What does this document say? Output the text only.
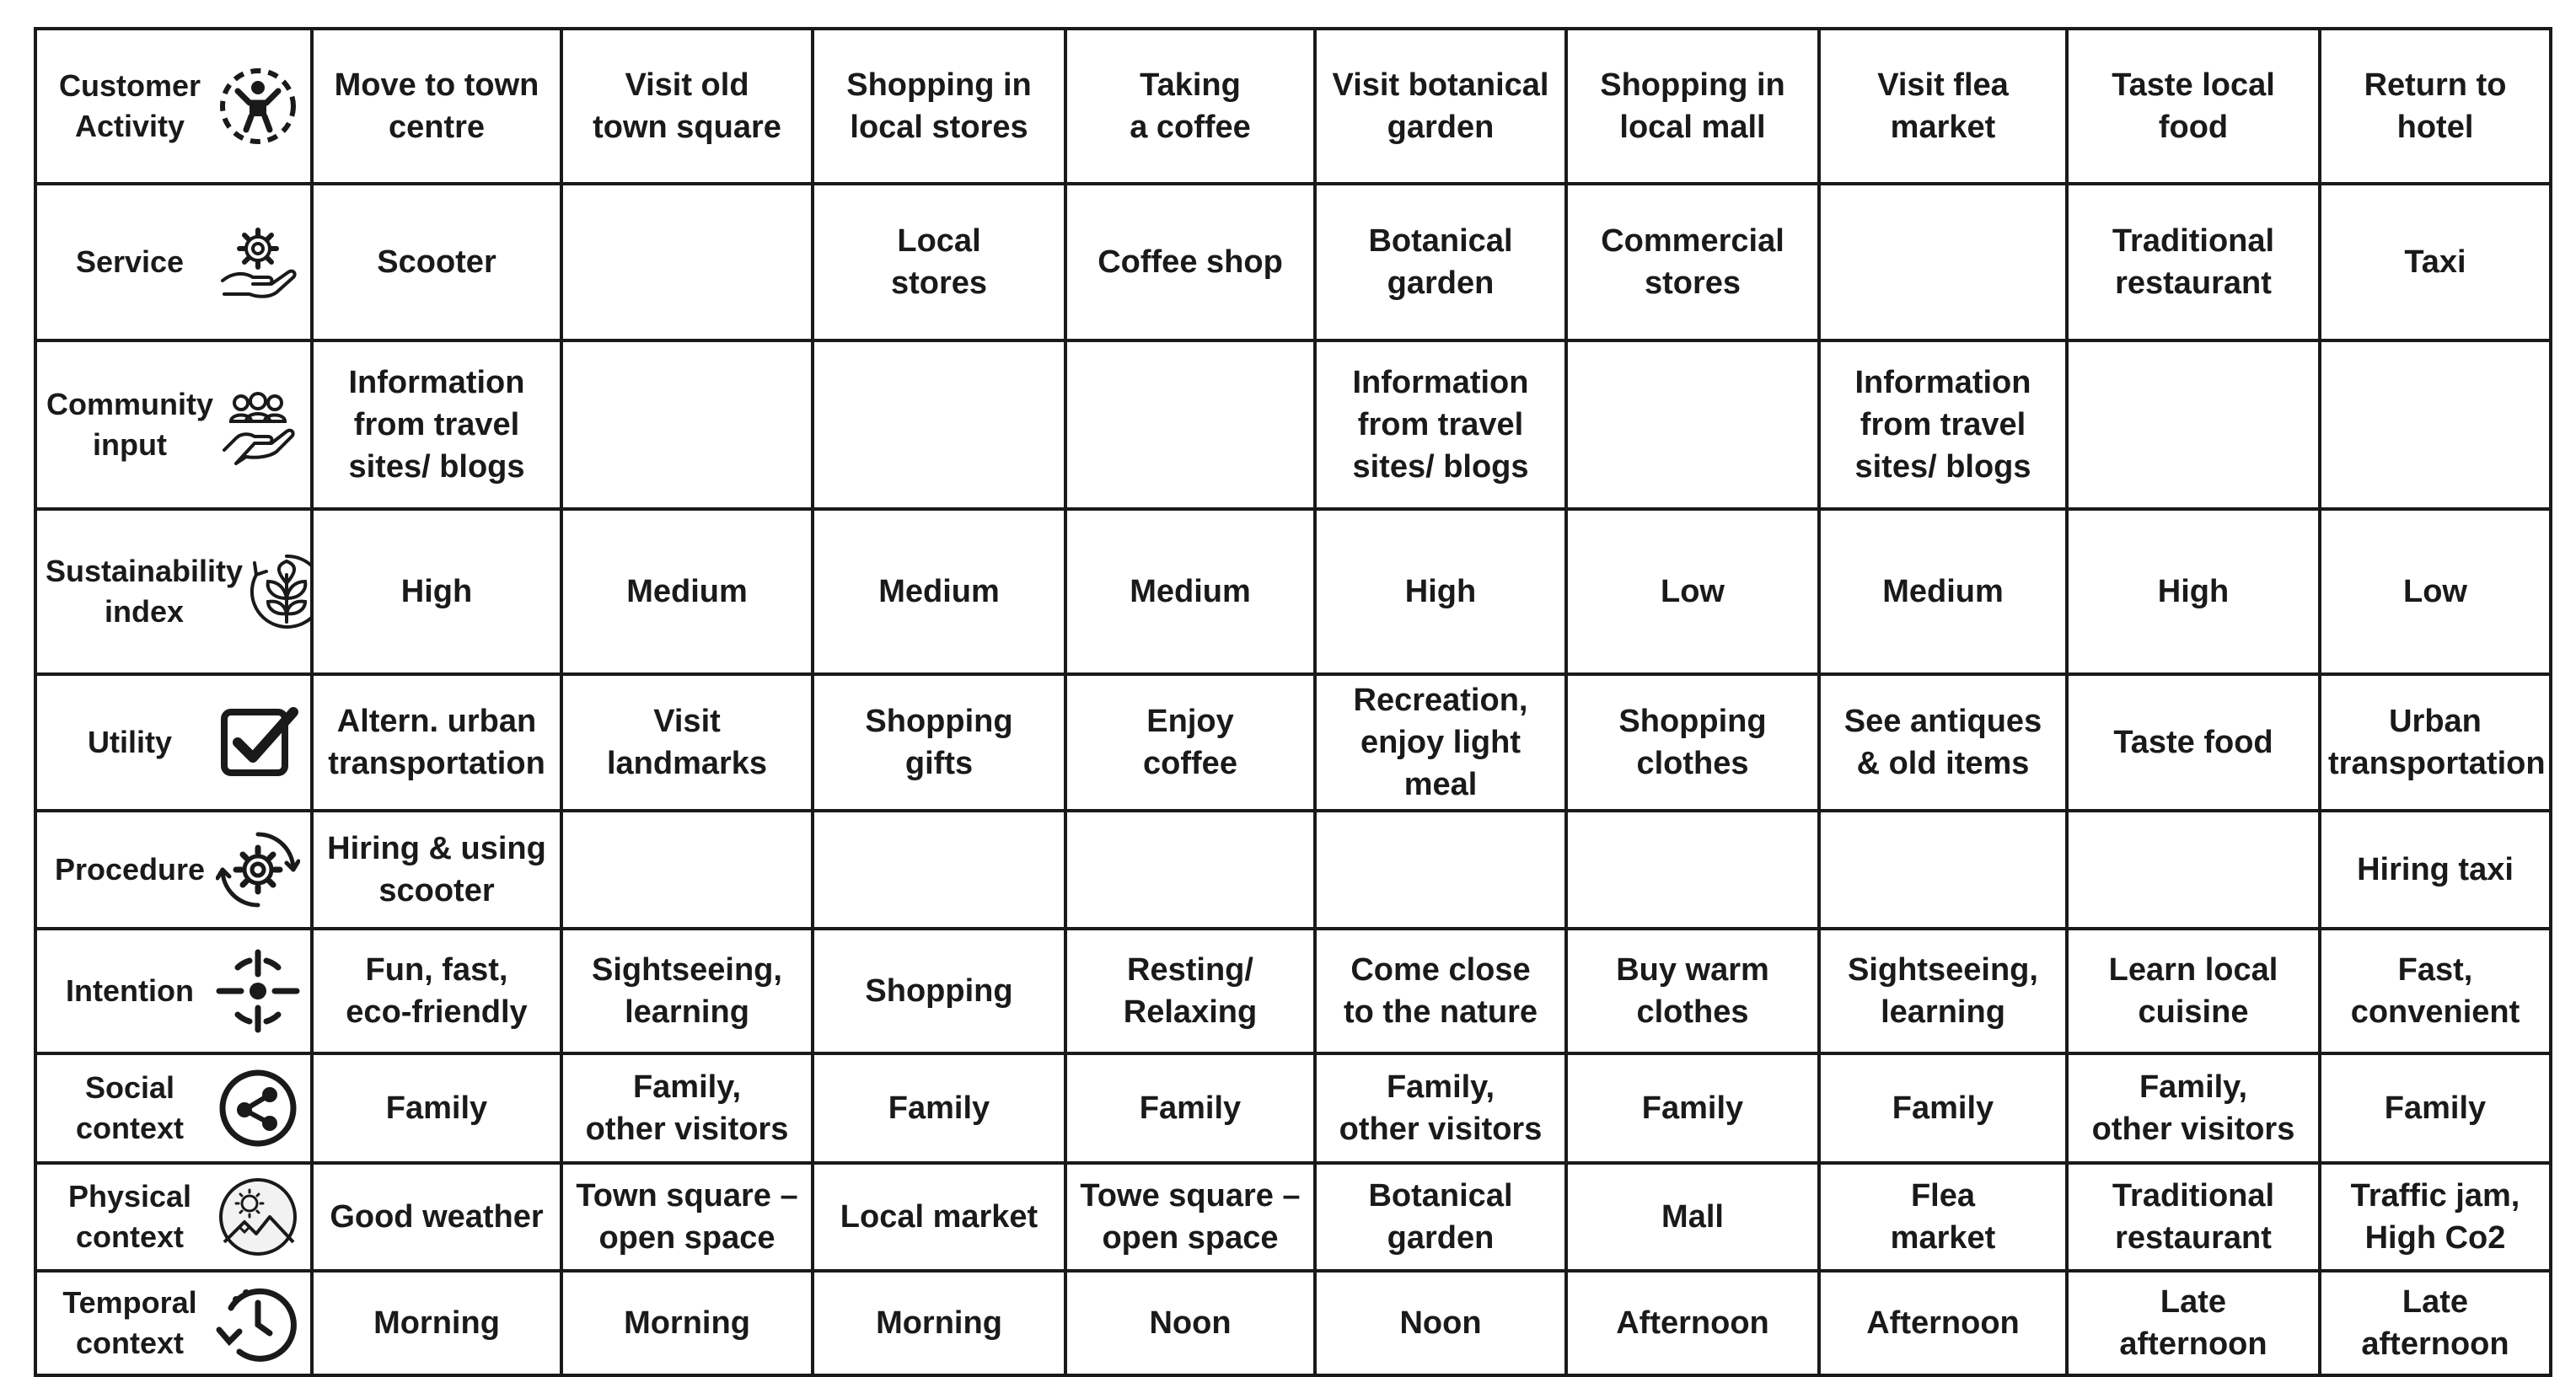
Customer
Activity	Move to town
centre	Visit old
town square	Shopping in
local stores	Taking
a coffee	Visit botanical
garden	Shopping in
local mall	Visit flea
market	Taste local
food	Return to
hotel

Service	Scooter		Local
stores	Coffee shop	Botanical
garden	Commercial
stores		Traditional
restaurant	Taxi

Community
input	Information
from travel
sites/ blogs				Information
from travel
sites/ blogs		Information
from travel
sites/ blogs		

Sustainability
index	High	Medium	Medium	Medium	High	Low	Medium	High	Low

Utility	Altern. urban
transportation	Visit
landmarks	Shopping
gifts	Enjoy
coffee	Recreation,
enjoy light meal	Shopping
clothes	See antiques
& old items	Taste food	Urban
transportation

Procedure	Hiring & using
scooter								Hiring taxi

Intention	Fun, fast,
eco-friendly	Sightseeing,
learning	Shopping	Resting/
Relaxing	Come close
to the nature	Buy warm
clothes	Sightseeing,
learning	Learn local
cuisine	Fast,
convenient

Social
context	Family	Family,
other visitors	Family	Family	Family,
other visitors	Family	Family	Family,
other visitors	Family

Physical
context	Good weather	Town square –
open space	Local market	Towe square –
open space	Botanical
garden	Mall	Flea
market	Traditional
restaurant	Traffic jam,
High Co2

Temporal
context	Morning	Morning	Morning	Noon	Noon	Afternoon	Afternoon	Late
afternoon	Late
afternoon
